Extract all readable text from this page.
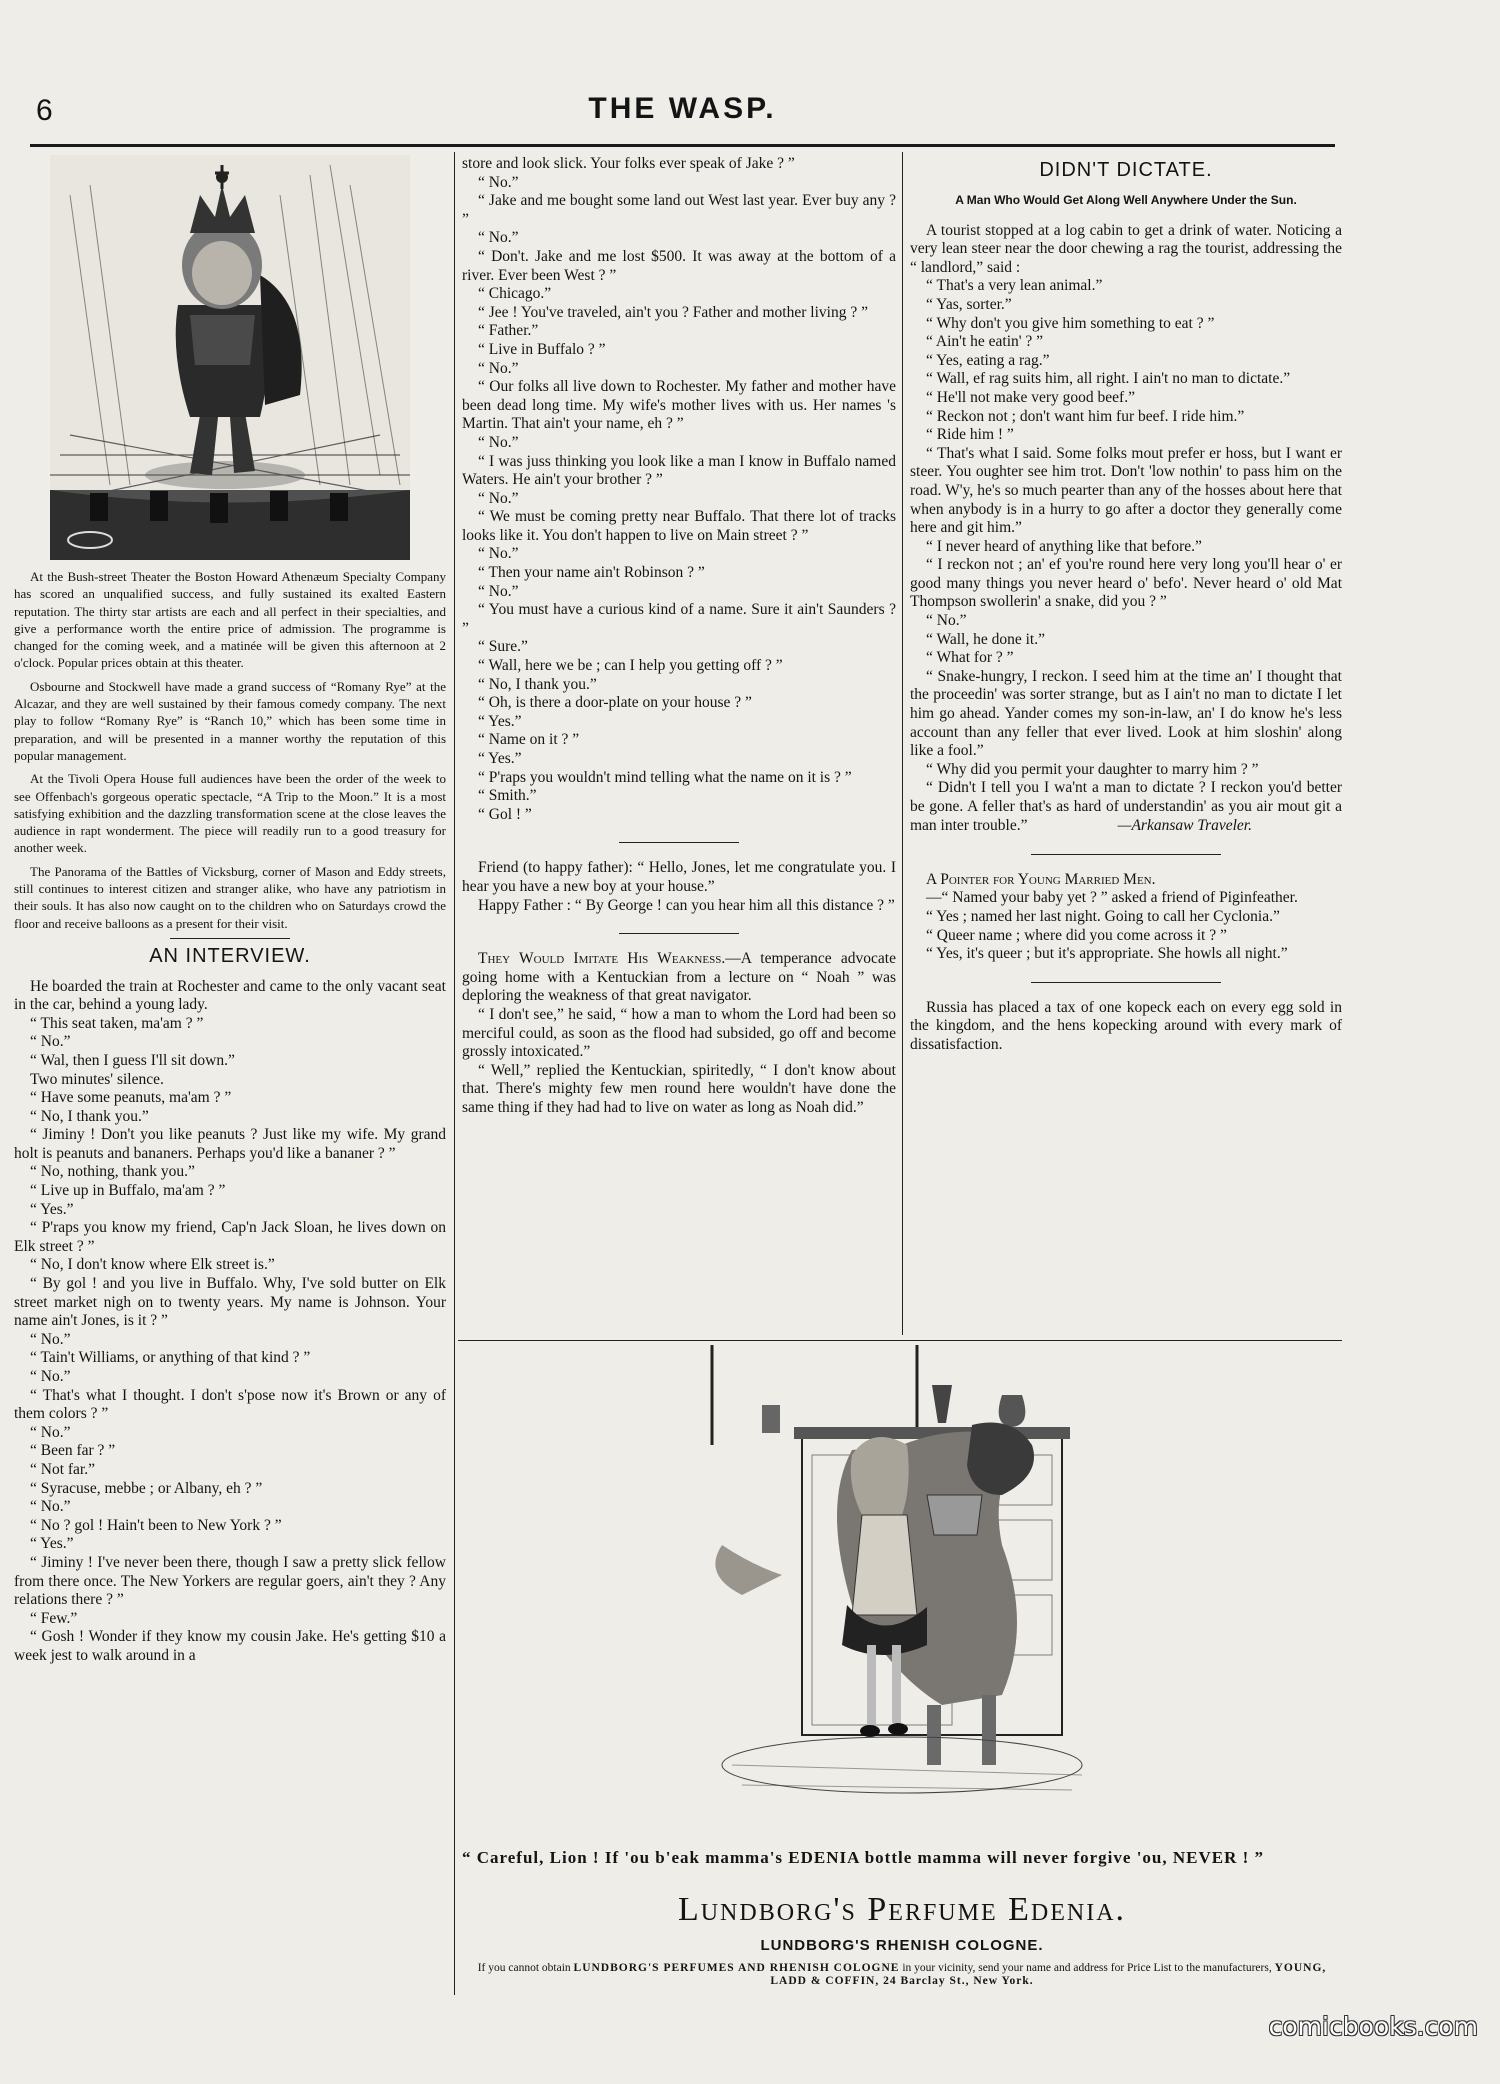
6	THE WASP.

At the Bush-street Theater the Boston Howard Athenæum Specialty Company has scored an unqualified success, and fully sustained its exalted Eastern reputation. The thirty star artists are each and all perfect in their specialties, and give a performance worth the entire price of admission. The programme is changed for the coming week, and a matinée will be given this afternoon at 2 o'clock. Popular prices obtain at this theater.

Osbourne and Stockwell have made a grand success of “Romany Rye” at the Alcazar, and they are well sustained by their famous comedy company. The next play to follow “Romany Rye” is “Ranch 10,” which has been some time in preparation, and will be presented in a manner worthy the reputation of this popular management.

At the Tivoli Opera House full audiences have been the order of the week to see Offenbach's gorgeous operatic spectacle, “A Trip to the Moon.” It is a most satisfying exhibition and the dazzling transformation scene at the close leaves the audience in rapt wonderment. The piece will readily run to a good treasury for another week.

The Panorama of the Battles of Vicksburg, corner of Mason and Eddy streets, still continues to interest citizen and stranger alike, who have any patriotism in their souls. It has also now caught on to the children who on Saturdays crowd the floor and receive balloons as a present for their visit.

AN INTERVIEW.

He boarded the train at Rochester and came to the only vacant seat in the car, behind a young lady.

“ This seat taken, ma'am ? ”

“ No.”

“ Wal, then I guess I'll sit down.”

Two minutes' silence.

“ Have some peanuts, ma'am ? ”

“ No, I thank you.”

“ Jiminy ! Don't you like peanuts ? Just like my wife. My grand holt is peanuts and bananers. Perhaps you'd like a bananer ? ”

“ No, nothing, thank you.”

“ Live up in Buffalo, ma'am ? ”

“ Yes.”

“ P'raps you know my friend, Cap'n Jack Sloan, he lives down on Elk street ? ”

“ No, I don't know where Elk street is.”

“ By gol ! and you live in Buffalo. Why, I've sold butter on Elk street market nigh on to twenty years. My name is Johnson. Your name ain't Jones, is it ? ”

“ No.”

“ Tain't Williams, or anything of that kind ? ”

“ No.”

“ That's what I thought. I don't s'pose now it's Brown or any of them colors ? ”

“ No.”

“ Been far ? ”

“ Not far.”

“ Syracuse, mebbe ; or Albany, eh ? ”

“ No.”

“ No ? gol ! Hain't been to New York ? ”

“ Yes.”

“ Jiminy ! I've never been there, though I saw a pretty slick fellow from there once. The New Yorkers are regular goers, ain't they ? Any relations there ? ”

“ Few.”

“ Gosh ! Wonder if they know my cousin Jake. He's getting $10 a week jest to walk around in a

store and look slick. Your folks ever speak of Jake ? ”

“ No.”

“ Jake and me bought some land out West last year. Ever buy any ? ”

“ No.”

“ Don't. Jake and me lost $500. It was away at the bottom of a river. Ever been West ? ”

“ Chicago.”

“ Jee ! You've traveled, ain't you ? Father and mother living ? ”

“ Father.”

“ Live in Buffalo ? ”

“ No.”

“ Our folks all live down to Rochester. My father and mother have been dead long time. My wife's mother lives with us. Her names 's Martin. That ain't your name, eh ? ”

“ No.”

“ I was juss thinking you look like a man I know in Buffalo named Waters. He ain't your brother ? ”

“ No.”

“ We must be coming pretty near Buffalo. That there lot of tracks looks like it. You don't happen to live on Main street ? ”

“ No.”

“ Then your name ain't Robinson ? ”

“ No.”

“ You must have a curious kind of a name. Sure it ain't Saunders ? ”

“ Sure.”

“ Wall, here we be ; can I help you getting off ? ”

“ No, I thank you.”

“ Oh, is there a door-plate on your house ? ”

“ Yes.”

“ Name on it ? ”

“ Yes.”

“ P'raps you wouldn't mind telling what the name on it is ? ”

“ Smith.”

“ Gol ! ”

Friend (to happy father): “ Hello, Jones, let me congratulate you. I hear you have a new boy at your house.”

Happy Father : “ By George ! can you hear him all this distance ? ”

They Would Imitate His Weakness.—A temperance advocate going home with a Kentuckian from a lecture on “ Noah ” was deploring the weakness of that great navigator.

“ I don't see,” he said, “ how a man to whom the Lord had been so merciful could, as soon as the flood had subsided, go off and become grossly intoxicated.”

“ Well,” replied the Kentuckian, spiritedly, “ I don't know about that. There's mighty few men round here wouldn't have done the same thing if they had had to live on water as long as Noah did.”

DIDN'T DICTATE.
A Man Who Would Get Along Well Anywhere Under the Sun.

A tourist stopped at a log cabin to get a drink of water. Noticing a very lean steer near the door chewing a rag the tourist, addressing the “ landlord,” said :

“ That's a very lean animal.”

“ Yas, sorter.”

“ Why don't you give him something to eat ? ”

“ Ain't he eatin' ? ”

“ Yes, eating a rag.”

“ Wall, ef rag suits him, all right. I ain't no man to dictate.”

“ He'll not make very good beef.”

“ Reckon not ; don't want him fur beef. I ride him.”

“ Ride him ! ”

“ That's what I said. Some folks mout prefer er hoss, but I want er steer. You oughter see him trot. Don't 'low nothin' to pass him on the road. W'y, he's so much pearter than any of the hosses about here that when anybody is in a hurry to go after a doctor they generally come here and git him.”

“ I never heard of anything like that before.”

“ I reckon not ; an' ef you're round here very long you'll hear o' er good many things you never heard o' befo'. Never heard o' old Mat Thompson swollerin' a snake, did you ? ”

“ No.”

“ Wall, he done it.”

“ What for ? ”

“ Snake-hungry, I reckon. I seed him at the time an' I thought that the proceedin' was sorter strange, but as I ain't no man to dictate I let him go ahead. Yander comes my son-in-law, an' I do know he's less account than any feller that ever lived. Look at him sloshin' along like a fool.”

“ Why did you permit your daughter to marry him ? ”

“ Didn't I tell you I wa'nt a man to dictate ? I reckon you'd better be gone. A feller that's as hard of understandin' as you air mout git a man inter trouble.”	—Arkansaw Traveler.

A Pointer for Young Married Men.

—“ Named your baby yet ? ” asked a friend of Piginfeather.

“ Yes ; named her last night. Going to call her Cyclonia.”

“ Queer name ; where did you come across it ? ”

“ Yes, it's queer ; but it's appropriate. She howls all night.”

Russia has placed a tax of one kopeck each on every egg sold in the kingdom, and the hens kopecking around with every mark of dissatisfaction.

“ Careful, Lion ! If 'ou b'eak mamma's EDENIA bottle mamma will never forgive 'ou, NEVER ! ”
Lundborg's Perfume Edenia.
LUNDBORG'S RHENISH COLOGNE.
If you cannot obtain LUNDBORG'S PERFUMES AND RHENISH COLOGNE in your vicinity, send your name and address for Price List to the manufacturers, YOUNG, LADD & COFFIN, 24 Barclay St., New York.
comicbooks.com
